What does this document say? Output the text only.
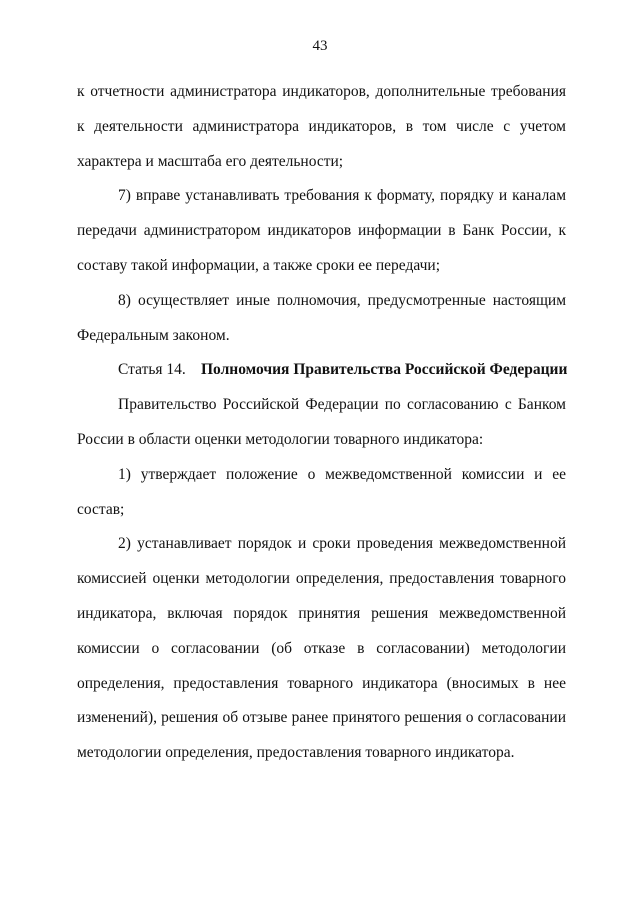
43

к отчетности администратора индикаторов, дополнительные требования к деятельности администратора индикаторов, в том числе с учетом характера и масштаба его деятельности;

7) вправе устанавливать требования к формату, порядку и каналам передачи администратором индикаторов информации в Банк России, к составу такой информации, а также сроки ее передачи;

8) осуществляет иные полномочия, предусмотренные настоящим Федеральным законом.

Статья 14. Полномочия Правительства Российской Федерации

Правительство Российской Федерации по согласованию с Банком России в области оценки методологии товарного индикатора:

1) утверждает положение о межведомственной комиссии и ее состав;

2) устанавливает порядок и сроки проведения межведомственной комиссией оценки методологии определения, предоставления товарного индикатора, включая порядок принятия решения межведомственной комиссии о согласовании (об отказе в согласовании) методологии определения, предоставления товарного индикатора (вносимых в нее изменений), решения об отзыве ранее принятого решения о согласовании методологии определения, предоставления товарного индикатора.
